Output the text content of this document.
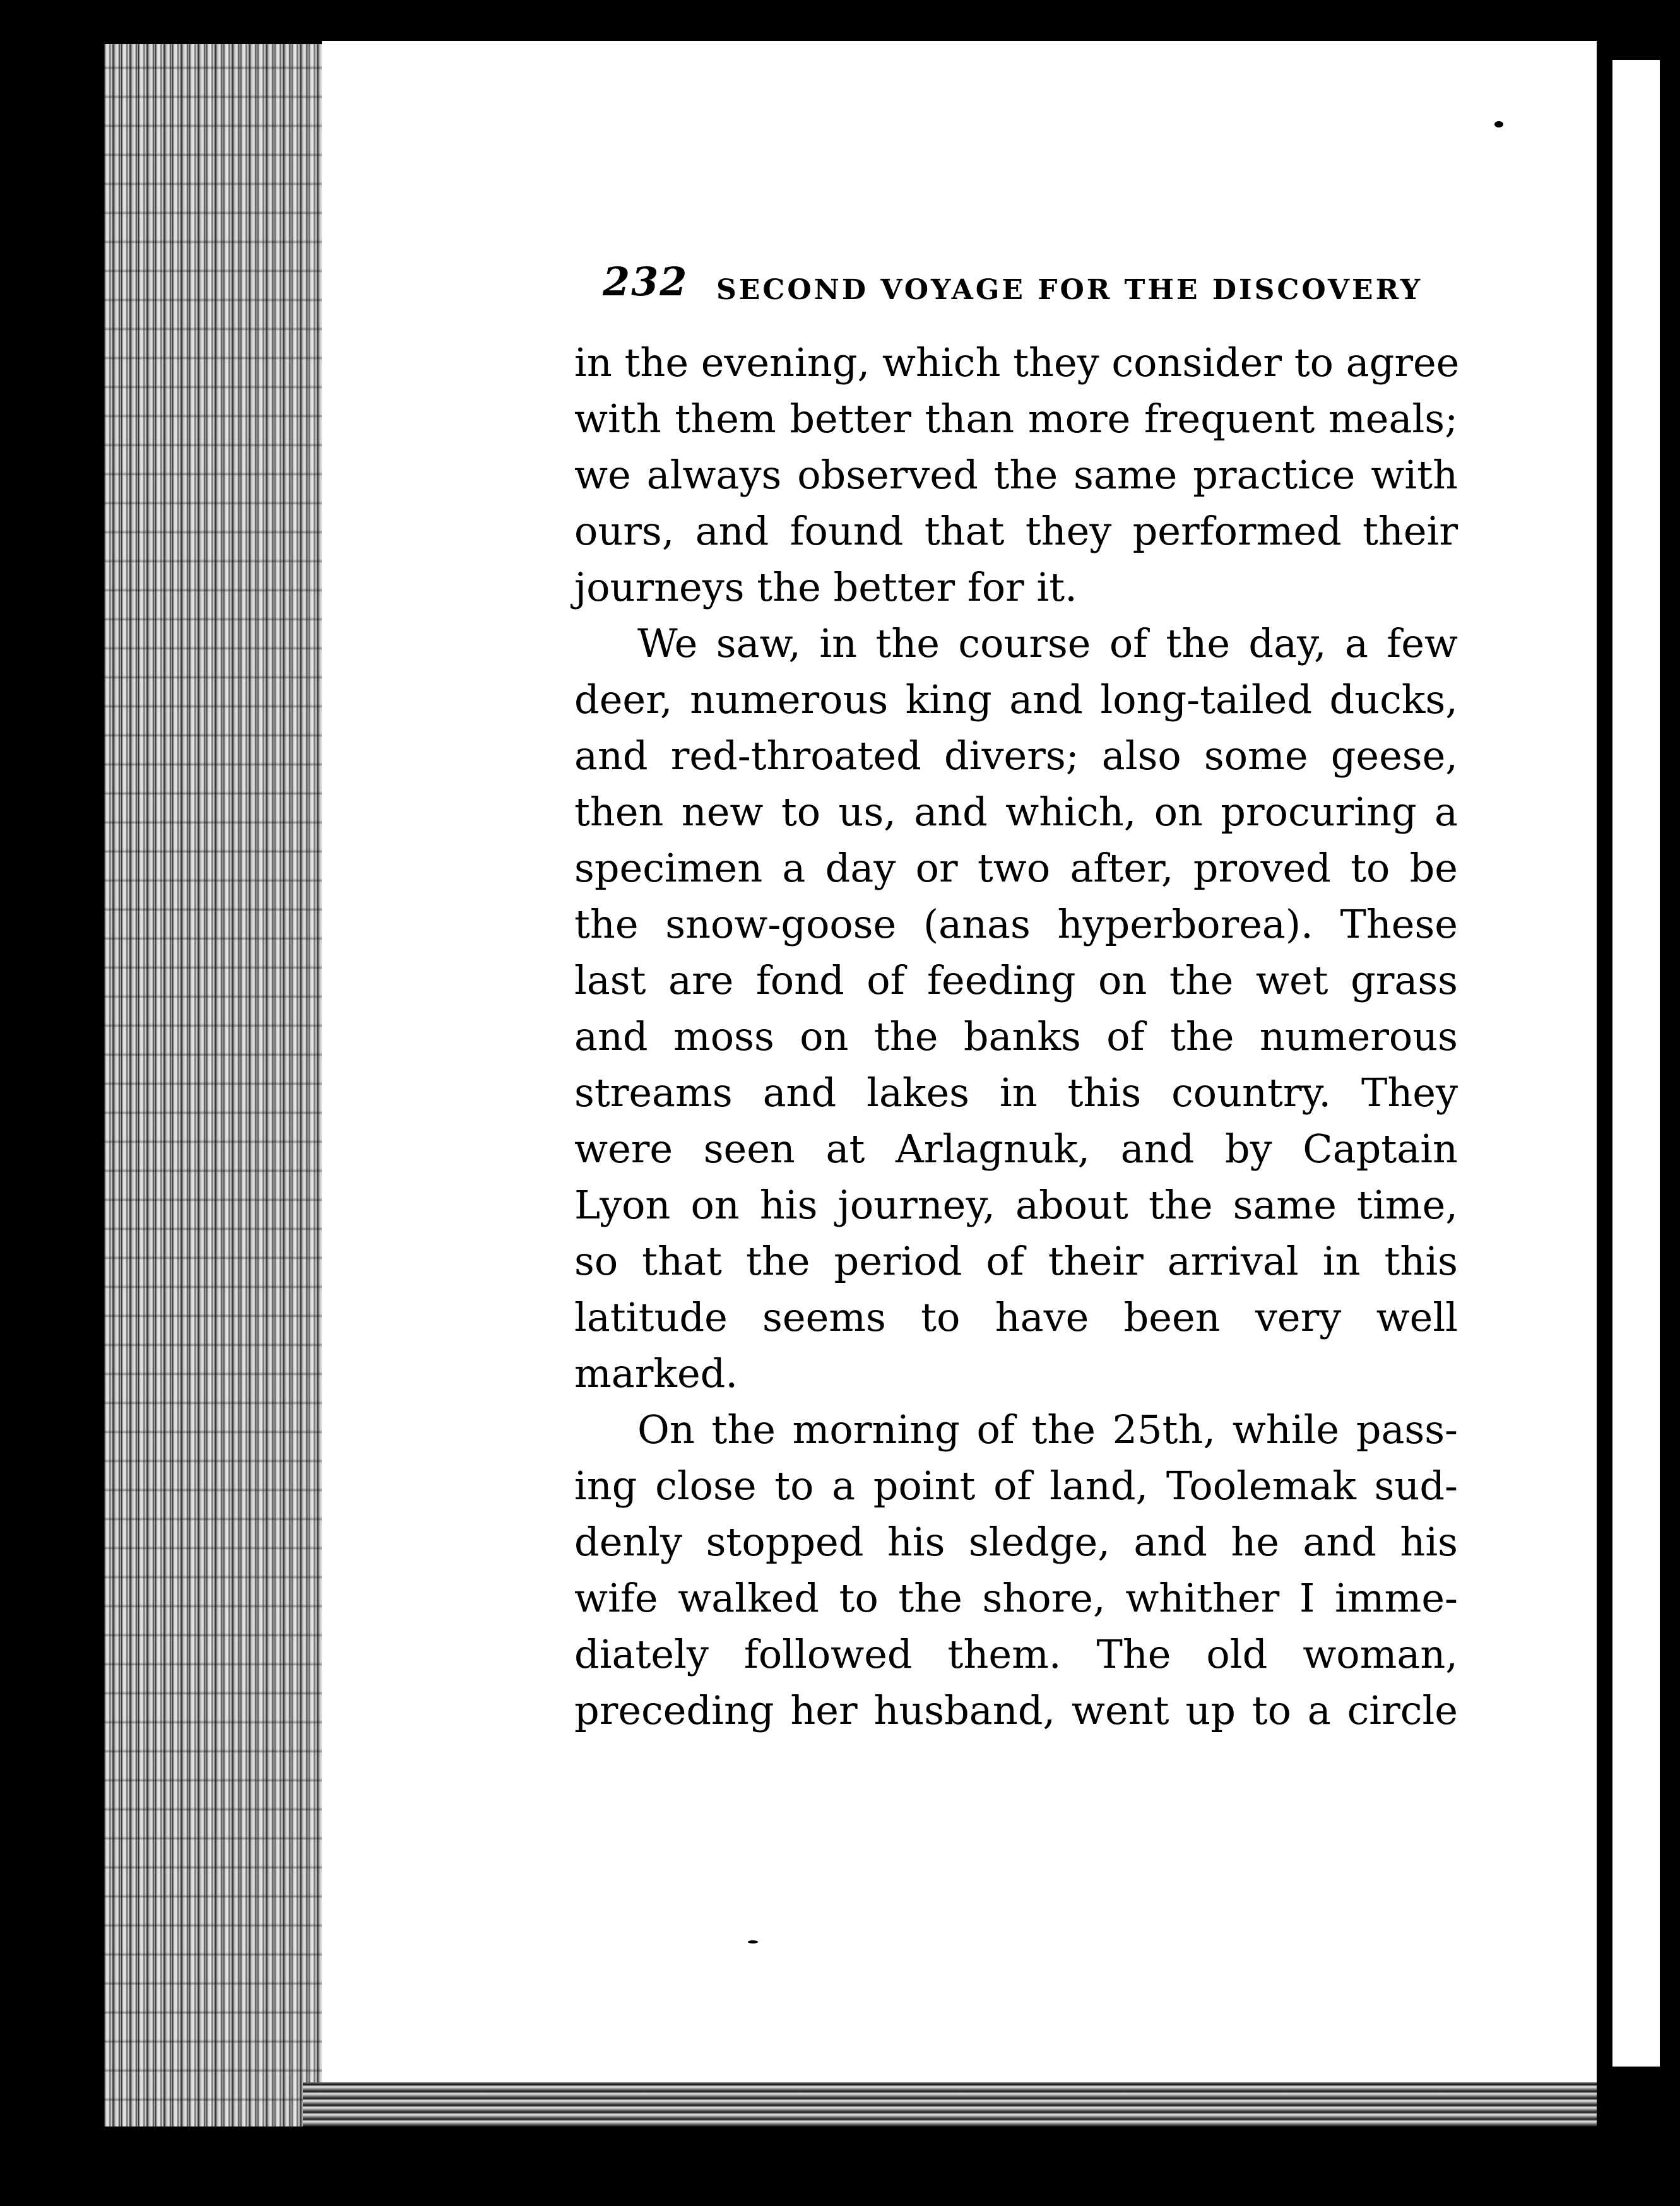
232 SECOND VOYAGE FOR THE DISCOVERY
in the evening, which they consider to agree
with them better than more frequent meals;
we always observed the same practice with
ours, and found that they performed their
journeys the better for it.
We saw, in the course of the day, a few
deer, numerous king and long-tailed ducks,
and red-throated divers; also some geese,
then new to us, and which, on procuring a
specimen a day or two after, proved to be
the snow-goose (anas hyperborea). These
last are fond of feeding on the wet grass
and moss on the banks of the numerous
streams and lakes in this country. They
were seen at Arlagnuk, and by Captain
Lyon on his journey, about the same time,
so that the period of their arrival in this
latitude seems to have been very well
marked.
On the morning of the 25th, while pass-
ing close to a point of land, Toolemak sud-
denly stopped his sledge, and he and his
wife walked to the shore, whither I imme-
diately followed them. The old woman,
preceding her husband, went up to a circle
